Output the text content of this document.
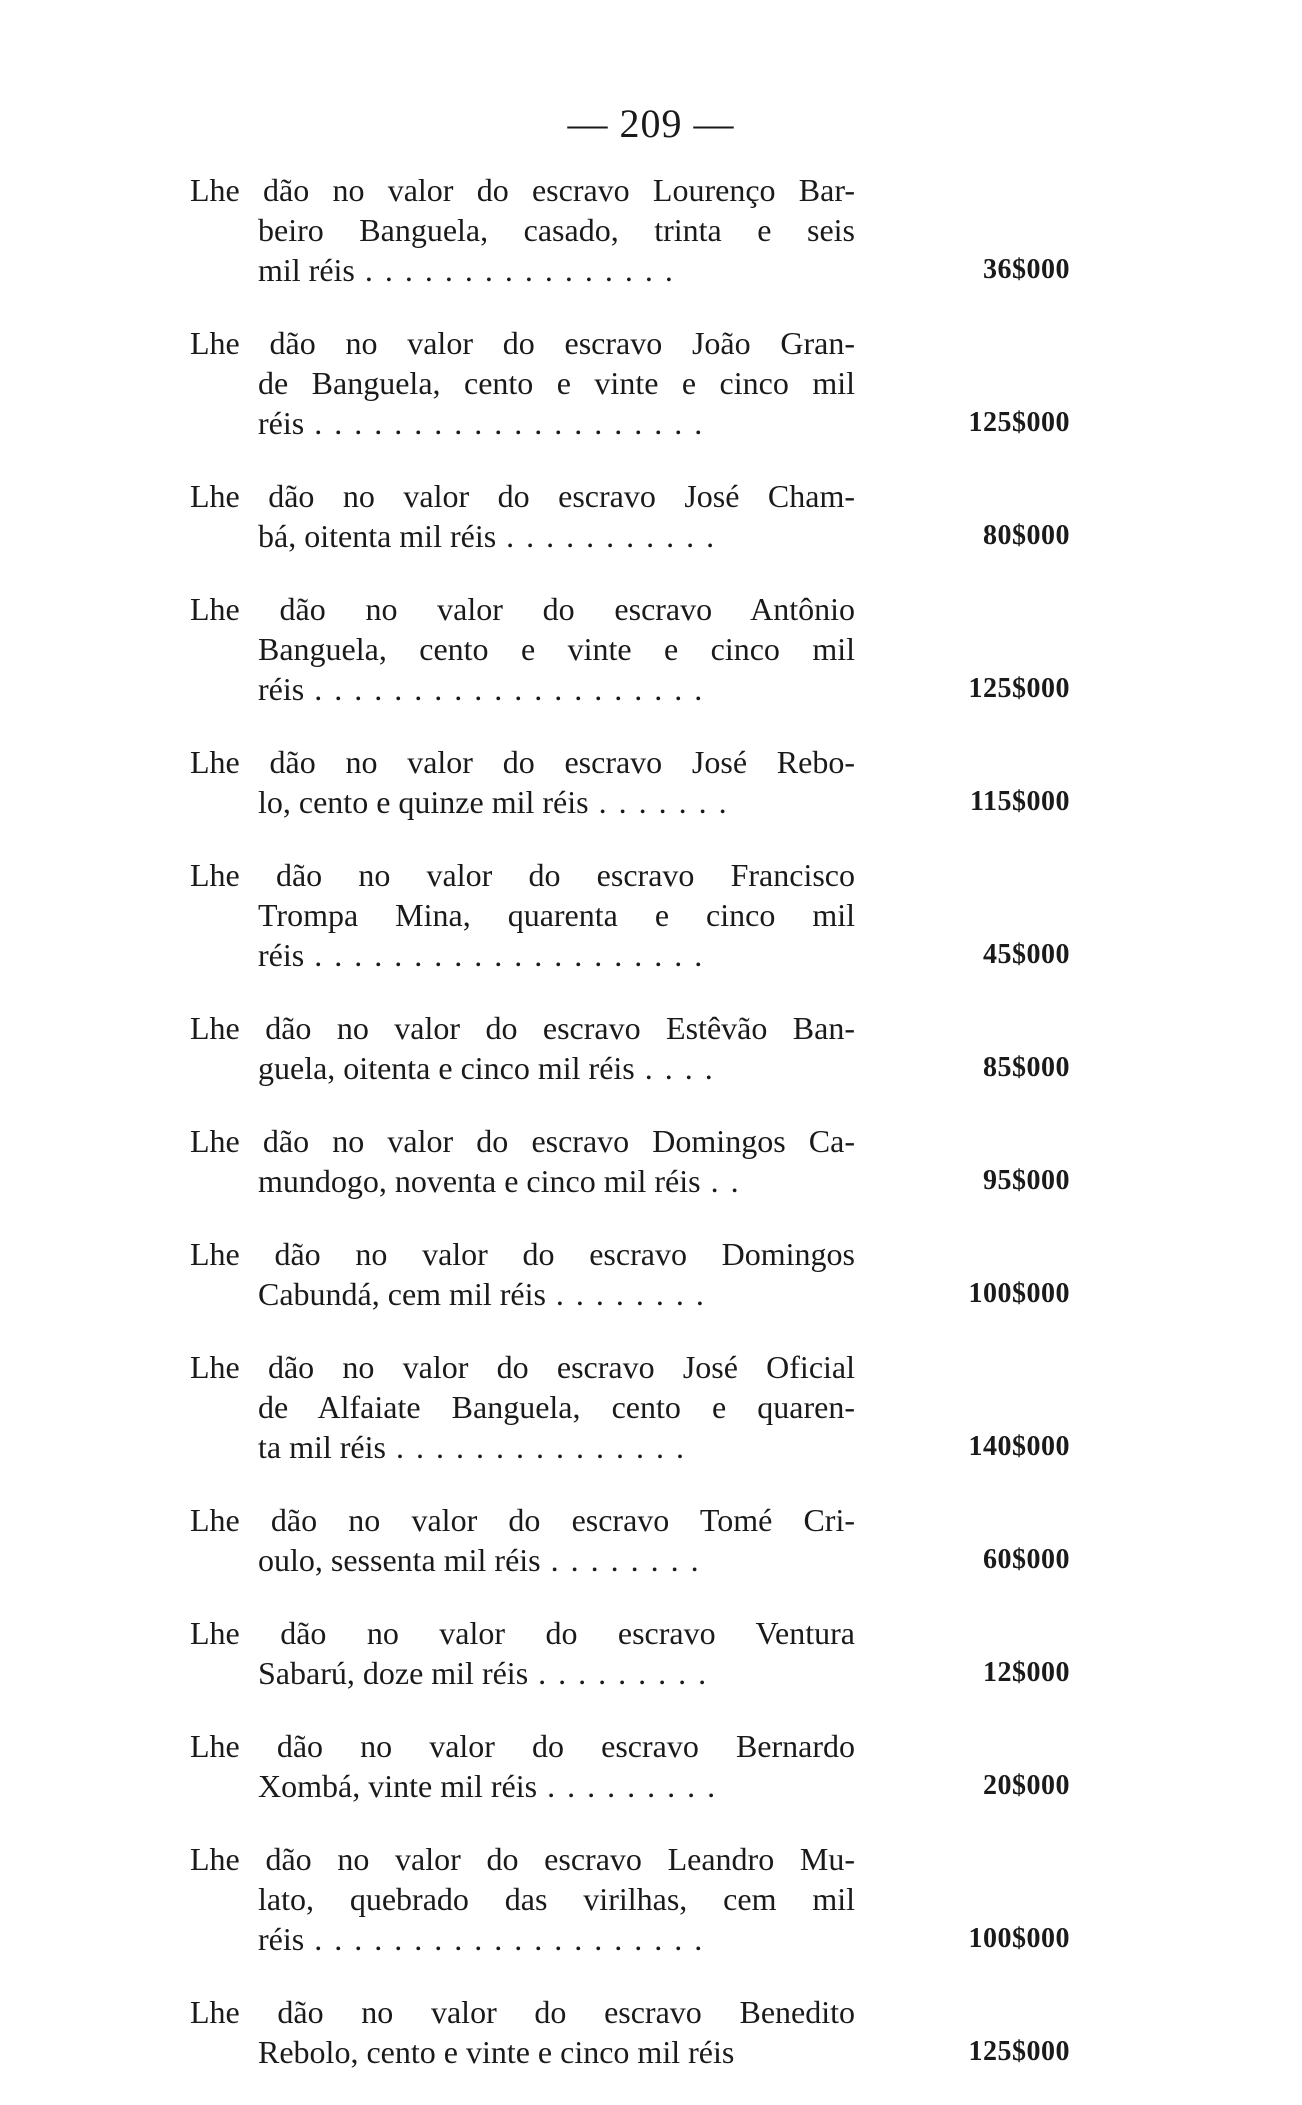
— 209 —
Lhe dão no valor do escravo Lourenço Bar-
beiro Banguela, casado, trinta e seis
mil réis . . . . . . . . . . . . . . . .	36$000
Lhe dão no valor do escravo João Gran-
de Banguela, cento e vinte e cinco mil
réis . . . . . . . . . . . . . . . . . . . .	125$000
Lhe dão no valor do escravo José Cham-
bá, oitenta mil réis . . . . . . . . . . .	80$000
Lhe dão no valor do escravo Antônio
Banguela, cento e vinte e cinco mil
réis . . . . . . . . . . . . . . . . . . . .	125$000
Lhe dão no valor do escravo José Rebo-
lo, cento e quinze mil réis . . . . . . .	115$000
Lhe dão no valor do escravo Francisco
Trompa Mina, quarenta e cinco mil
réis . . . . . . . . . . . . . . . . . . . .	45$000
Lhe dão no valor do escravo Estêvão Ban-
guela, oitenta e cinco mil réis . . . .	85$000
Lhe dão no valor do escravo Domingos Ca-
mundogo, noventa e cinco mil réis . .	95$000
Lhe dão no valor do escravo Domingos
Cabundá, cem mil réis . . . . . . . .	100$000
Lhe dão no valor do escravo José Oficial
de Alfaiate Banguela, cento e quaren-
ta mil réis . . . . . . . . . . . . . . .	140$000
Lhe dão no valor do escravo Tomé Cri-
oulo, sessenta mil réis . . . . . . . .	60$000
Lhe dão no valor do escravo Ventura
Sabarú, doze mil réis . . . . . . . . .	12$000
Lhe dão no valor do escravo Bernardo
Xombá, vinte mil réis . . . . . . . . .	20$000
Lhe dão no valor do escravo Leandro Mu-
lato, quebrado das virilhas, cem mil
réis . . . . . . . . . . . . . . . . . . . .	100$000
Lhe dão no valor do escravo Benedito
Rebolo, cento e vinte e cinco mil réis	125$000
